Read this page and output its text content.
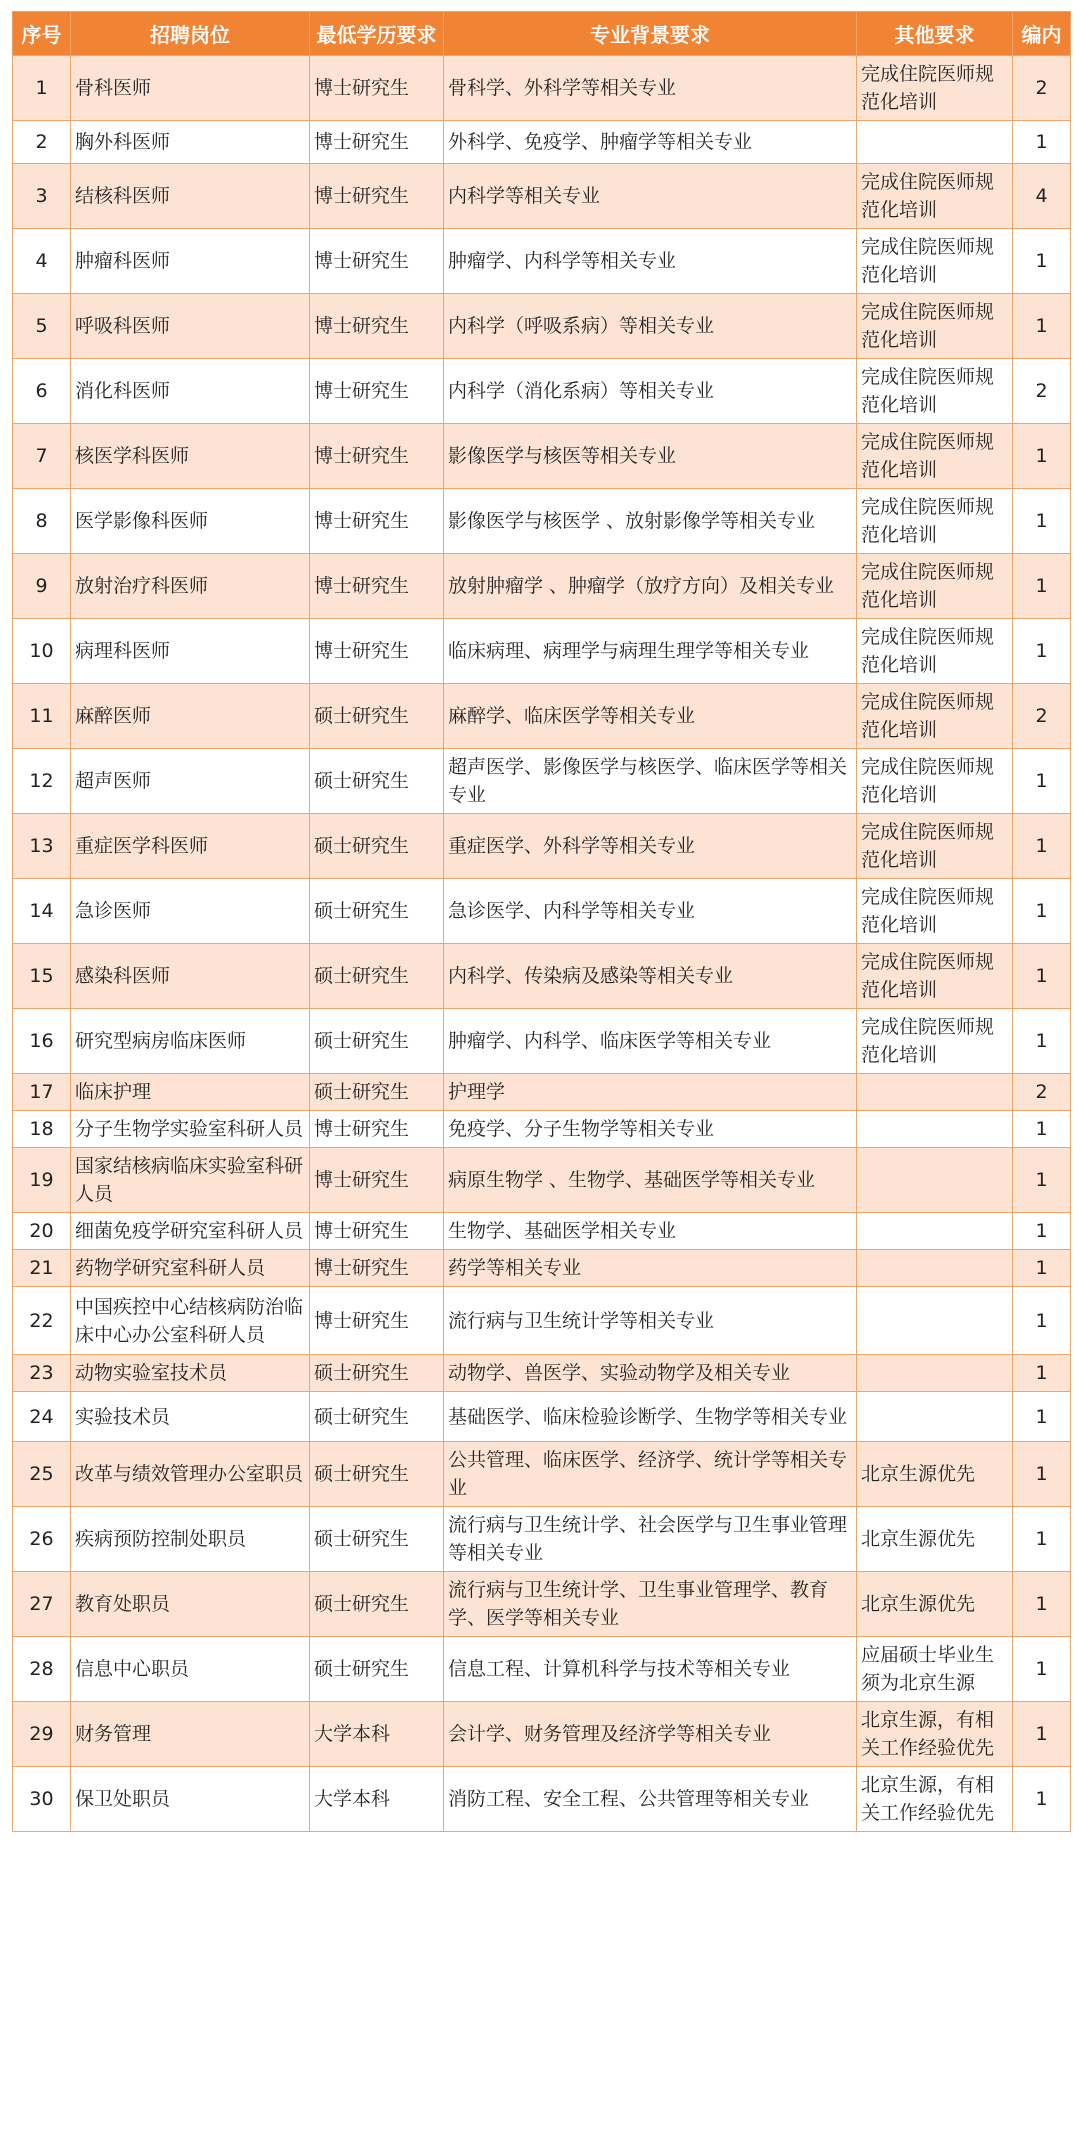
序号	招聘岗位	最低学历要求	专业背景要求	其他要求	编内
1	骨科医师	博士研究生	骨科学、外科学等相关专业	完成住院医师规范化培训	2
2	胸外科医师	博士研究生	外科学、免疫学、肿瘤学等相关专业		1
3	结核科医师	博士研究生	内科学等相关专业	完成住院医师规范化培训	4
4	肿瘤科医师	博士研究生	肿瘤学、内科学等相关专业	完成住院医师规范化培训	1
5	呼吸科医师	博士研究生	内科学（呼吸系病）等相关专业	完成住院医师规范化培训	1
6	消化科医师	博士研究生	内科学（消化系病）等相关专业	完成住院医师规范化培训	2
7	核医学科医师	博士研究生	影像医学与核医等相关专业	完成住院医师规范化培训	1
8	医学影像科医师	博士研究生	影像医学与核医学 、放射影像学等相关专业	完成住院医师规范化培训	1
9	放射治疗科医师	博士研究生	放射肿瘤学 、肿瘤学（放疗方向）及相关专业	完成住院医师规范化培训	1
10	病理科医师	博士研究生	临床病理、病理学与病理生理学等相关专业	完成住院医师规范化培训	1
11	麻醉医师	硕士研究生	麻醉学、临床医学等相关专业	完成住院医师规范化培训	2
12	超声医师	硕士研究生	超声医学、影像医学与核医学、临床医学等相关专业	完成住院医师规范化培训	1
13	重症医学科医师	硕士研究生	重症医学、外科学等相关专业	完成住院医师规范化培训	1
14	急诊医师	硕士研究生	急诊医学、内科学等相关专业	完成住院医师规范化培训	1
15	感染科医师	硕士研究生	内科学、传染病及感染等相关专业	完成住院医师规范化培训	1
16	研究型病房临床医师	硕士研究生	肿瘤学、内科学、临床医学等相关专业	完成住院医师规范化培训	1
17	临床护理	硕士研究生	护理学		2
18	分子生物学实验室科研人员	博士研究生	免疫学、分子生物学等相关专业		1
19	国家结核病临床实验室科研人员	博士研究生	病原生物学 、生物学、基础医学等相关专业		1
20	细菌免疫学研究室科研人员	博士研究生	生物学、基础医学相关专业		1
21	药物学研究室科研人员	博士研究生	药学等相关专业		1
22	中国疾控中心结核病防治临床中心办公室科研人员	博士研究生	流行病与卫生统计学等相关专业		1
23	动物实验室技术员	硕士研究生	动物学、兽医学、实验动物学及相关专业		1
24	实验技术员	硕士研究生	基础医学、临床检验诊断学、生物学等相关专业		1
25	改革与绩效管理办公室职员	硕士研究生	公共管理、临床医学、经济学、统计学等相关专业	北京生源优先	1
26	疾病预防控制处职员	硕士研究生	流行病与卫生统计学、社会医学与卫生事业管理等相关专业	北京生源优先	1
27	教育处职员	硕士研究生	流行病与卫生统计学、卫生事业管理学、教育学、医学等相关专业	北京生源优先	1
28	信息中心职员	硕士研究生	信息工程、计算机科学与技术等相关专业	应届硕士毕业生须为北京生源	1
29	财务管理	大学本科	会计学、财务管理及经济学等相关专业	北京生源，有相关工作经验优先	1
30	保卫处职员	大学本科	消防工程、安全工程、公共管理等相关专业	北京生源，有相关工作经验优先	1
